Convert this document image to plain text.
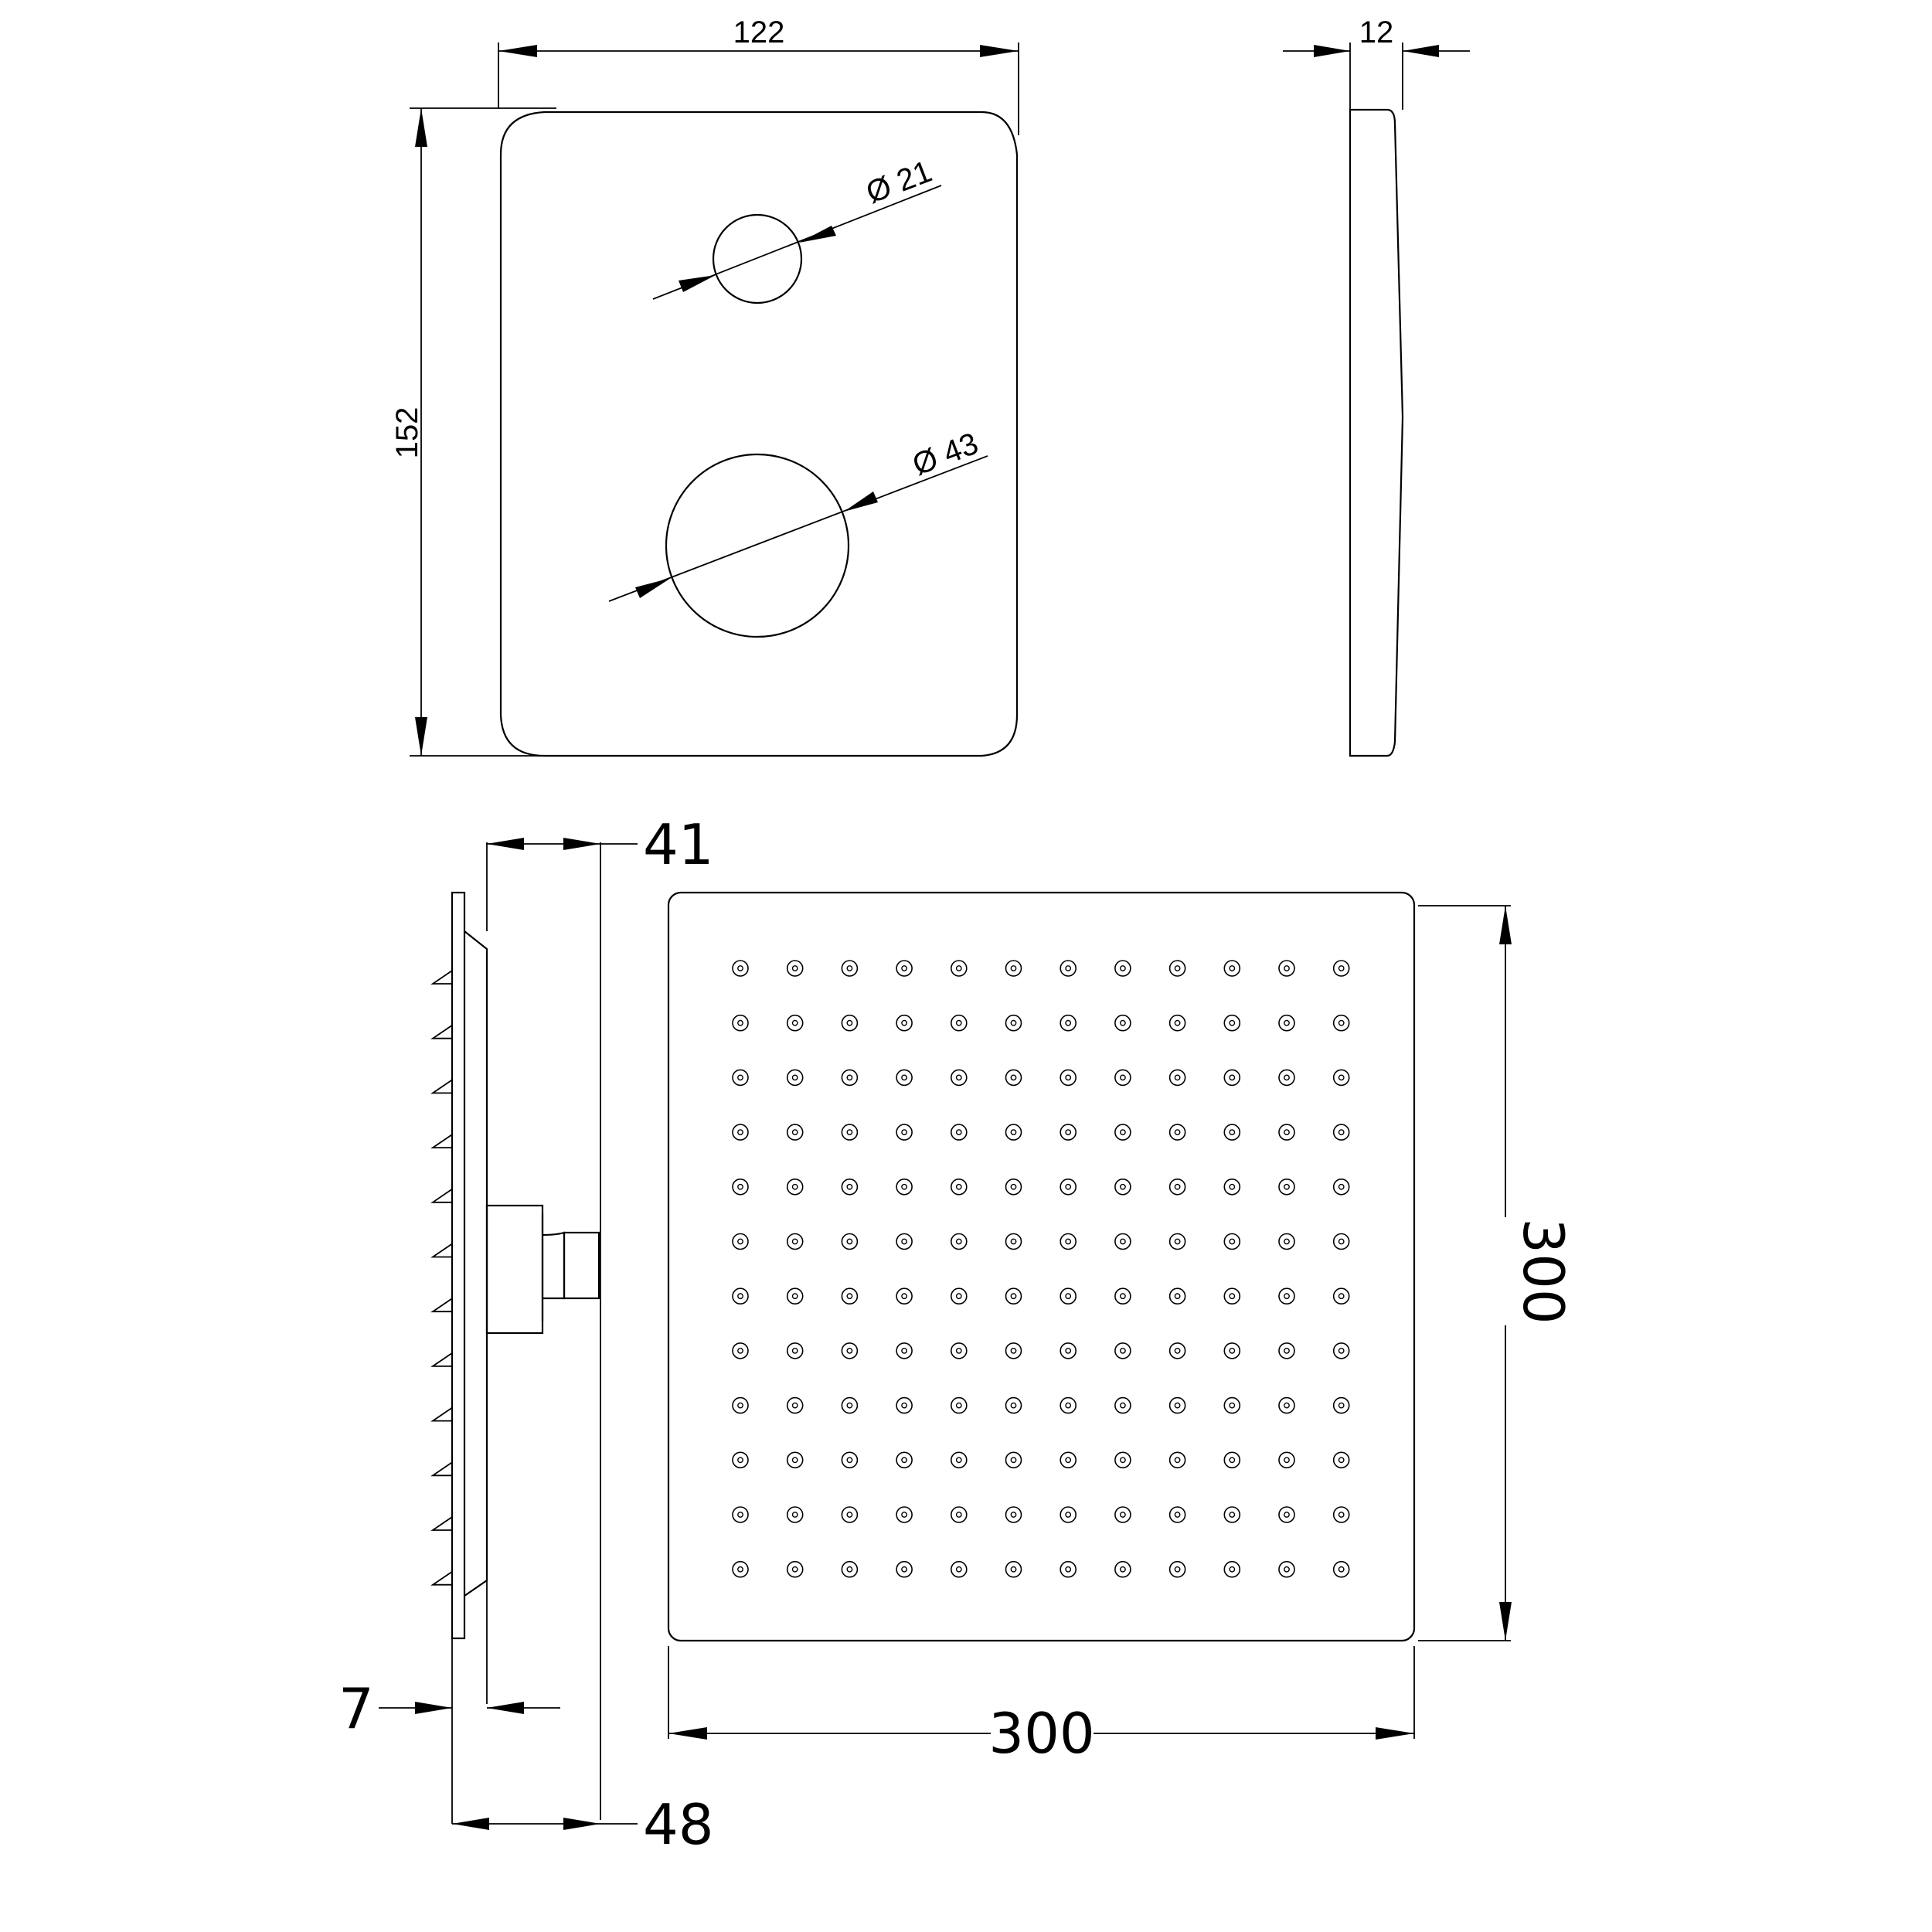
122
152
Ø 21
Ø 43
12
41
7
48
300
300
